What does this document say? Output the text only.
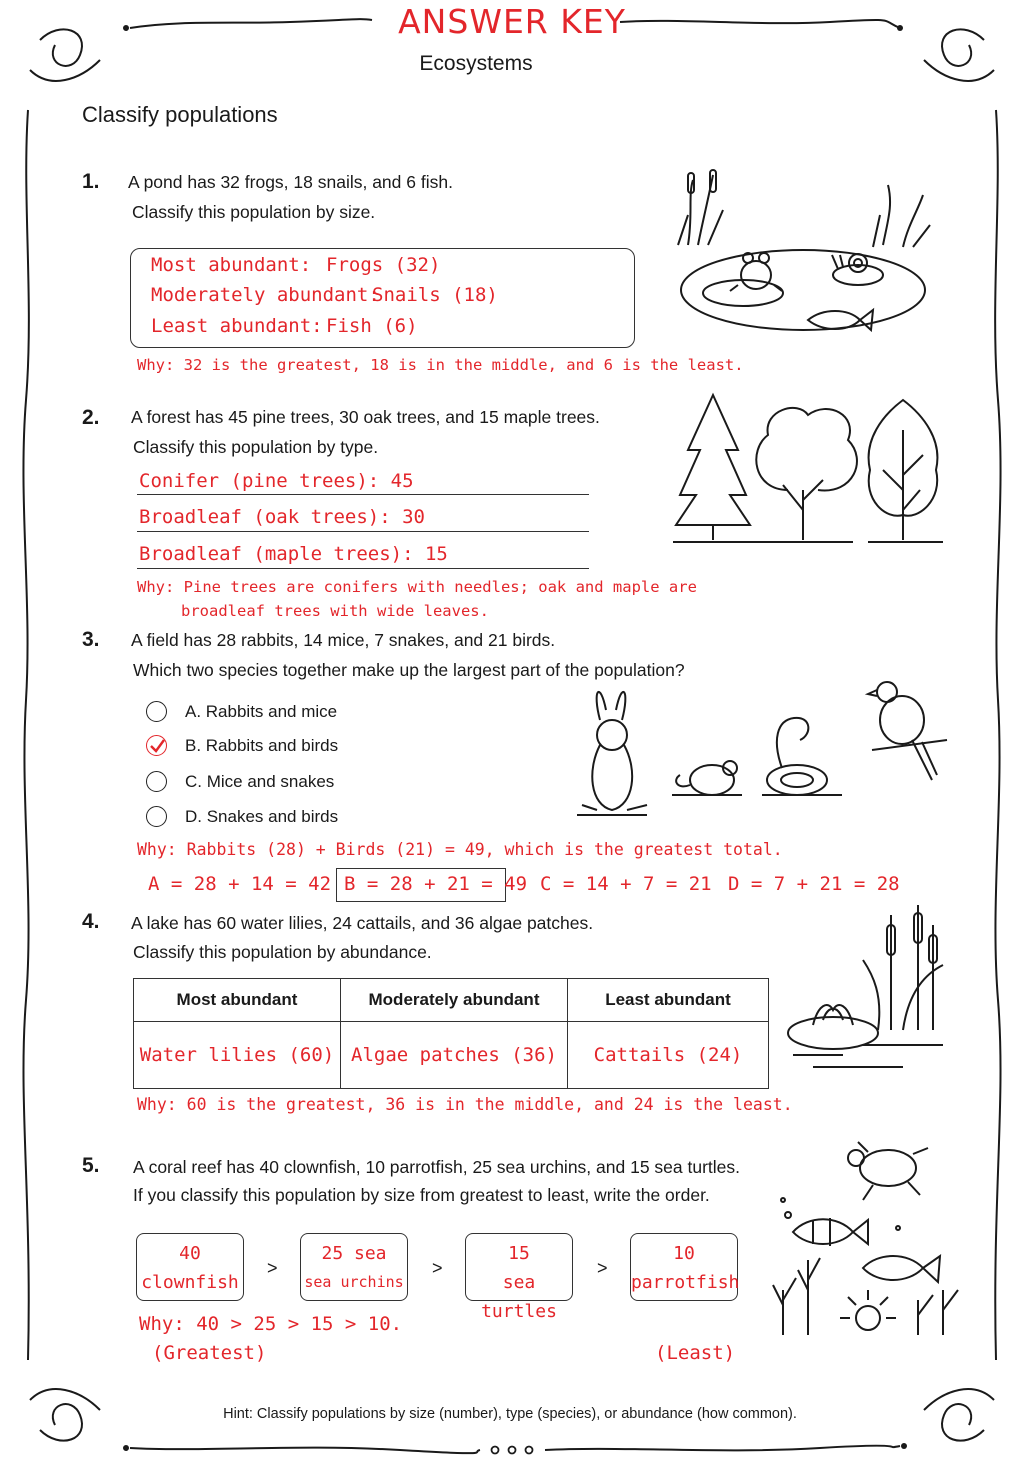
ANSWER KEY
Ecosystems
Classify populations
1. A pond has 32 frogs, 18 snails, and 6 fish.
Classify this population by size.
Most abundant: Frogs (32)
Moderately abundant:
Snails (18)
Least abundant: Fish (6)
Why: 32 is the greatest, 18 is in the middle, and 6 is the least.
2. A forest has 45 pine trees, 30 oak trees, and 15 maple trees.
Classify this population by type.
Conifer (pine trees): 45
Broadleaf (oak trees): 30
Broadleaf (maple trees): 15
Why: Pine trees are conifers with needles; oak and maple are
broadleaf trees with wide leaves.
3. A field has 28 rabbits, 14 mice, 7 snakes, and 21 birds.
Which two species together make up the largest part of the population?
A. Rabbits and mice
B. Rabbits and birds
C. Mice and snakes
D. Snakes and birds
Why: Rabbits (28) + Birds (21) = 49, which is the greatest total.
A = 28 + 14 = 42 B = 28 + 21 = 49 C = 14 + 7 = 21 D = 7 + 21 = 28
4. A lake has 60 water lilies, 24 cattails, and 36 algae patches.
Classify this population by abundance.
Most abundant	Moderately abundant	Least abundant
Water lilies (60)	Algae patches (36)	Cattails (24)
Why: 60 is the greatest, 36 is in the middle, and 24 is the least.
5. A coral reef has 40 clownfish, 10 parrotfish, 25 sea urchins, and 15 sea turtles.
If you classify this population by size from greatest to least, write the order.
40
clownfish
>
25 sea
sea urchins
>
15
sea turtles
>
10
parrotfish
Why: 40 > 25 > 15 > 10.
(Greatest)	(Least)
Hint: Classify populations by size (number), type (species), or abundance (how common).
